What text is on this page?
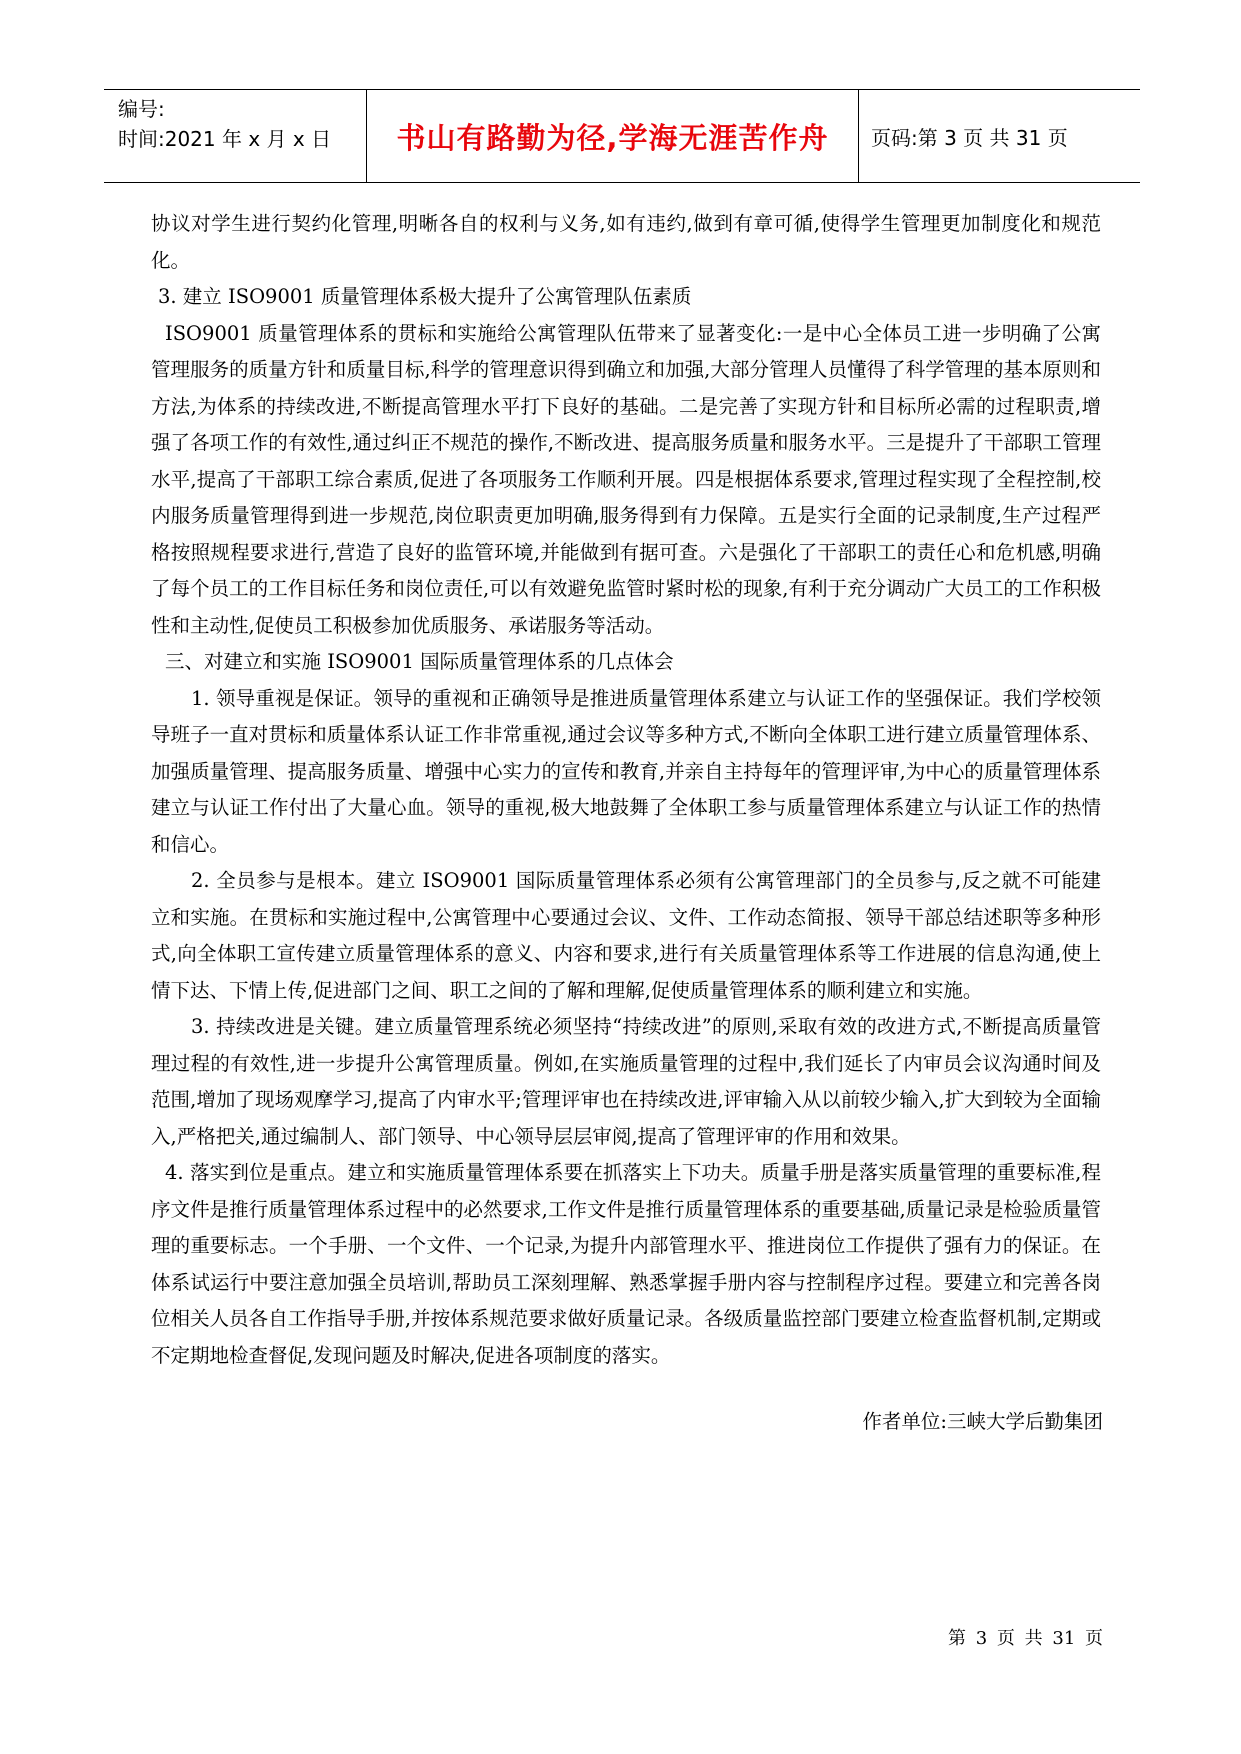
编号:
时间:2021 年 x 月 x 日	书山有路勤为径,学海无涯苦作舟	页码:第 3 页 共 31 页

协议对学生进行契约化管理,明晰各自的权利与义务,如有违约,做到有章可循,使得学生管理更加制度化和规范化。

3. 建立 ISO9001 质量管理体系极大提升了公寓管理队伍素质

ISO9001 质量管理体系的贯标和实施给公寓管理队伍带来了显著变化:一是中心全体员工进一步明确了公寓管理服务的质量方针和质量目标,科学的管理意识得到确立和加强,大部分管理人员懂得了科学管理的基本原则和方法,为体系的持续改进,不断提高管理水平打下良好的基础。二是完善了实现方针和目标所必需的过程职责,增强了各项工作的有效性,通过纠正不规范的操作,不断改进、提高服务质量和服务水平。三是提升了干部职工管理水平,提高了干部职工综合素质,促进了各项服务工作顺利开展。四是根据体系要求,管理过程实现了全程控制,校内服务质量管理得到进一步规范,岗位职责更加明确,服务得到有力保障。五是实行全面的记录制度,生产过程严格按照规程要求进行,营造了良好的监管环境,并能做到有据可查。六是强化了干部职工的责任心和危机感,明确了每个员工的工作目标任务和岗位责任,可以有效避免监管时紧时松的现象,有利于充分调动广大员工的工作积极性和主动性,促使员工积极参加优质服务、承诺服务等活动。

三、对建立和实施 ISO9001 国际质量管理体系的几点体会

1. 领导重视是保证。领导的重视和正确领导是推进质量管理体系建立与认证工作的坚强保证。我们学校领导班子一直对贯标和质量体系认证工作非常重视,通过会议等多种方式,不断向全体职工进行建立质量管理体系、加强质量管理、提高服务质量、增强中心实力的宣传和教育,并亲自主持每年的管理评审,为中心的质量管理体系建立与认证工作付出了大量心血。领导的重视,极大地鼓舞了全体职工参与质量管理体系建立与认证工作的热情和信心。

2. 全员参与是根本。建立 ISO9001 国际质量管理体系必须有公寓管理部门的全员参与,反之就不可能建立和实施。在贯标和实施过程中,公寓管理中心要通过会议、文件、工作动态简报、领导干部总结述职等多种形式,向全体职工宣传建立质量管理体系的意义、内容和要求,进行有关质量管理体系等工作进展的信息沟通,使上情下达、下情上传,促进部门之间、职工之间的了解和理解,促使质量管理体系的顺利建立和实施。

3. 持续改进是关键。建立质量管理系统必须坚持“持续改进”的原则,采取有效的改进方式,不断提高质量管理过程的有效性,进一步提升公寓管理质量。例如,在实施质量管理的过程中,我们延长了内审员会议沟通时间及范围,增加了现场观摩学习,提高了内审水平;管理评审也在持续改进,评审输入从以前较少输入,扩大到较为全面输入,严格把关,通过编制人、部门领导、中心领导层层审阅,提高了管理评审的作用和效果。

4. 落实到位是重点。建立和实施质量管理体系要在抓落实上下功夫。质量手册是落实质量管理的重要标准,程序文件是推行质量管理体系过程中的必然要求,工作文件是推行质量管理体系的重要基础,质量记录是检验质量管理的重要标志。一个手册、一个文件、一个记录,为提升内部管理水平、推进岗位工作提供了强有力的保证。在体系试运行中要注意加强全员培训,帮助员工深刻理解、熟悉掌握手册内容与控制程序过程。要建立和完善各岗位相关人员各自工作指导手册,并按体系规范要求做好质量记录。各级质量监控部门要建立检查监督机制,定期或不定期地检查督促,发现问题及时解决,促进各项制度的落实。

作者单位:三峡大学后勤集团
第 3 页 共 31 页
